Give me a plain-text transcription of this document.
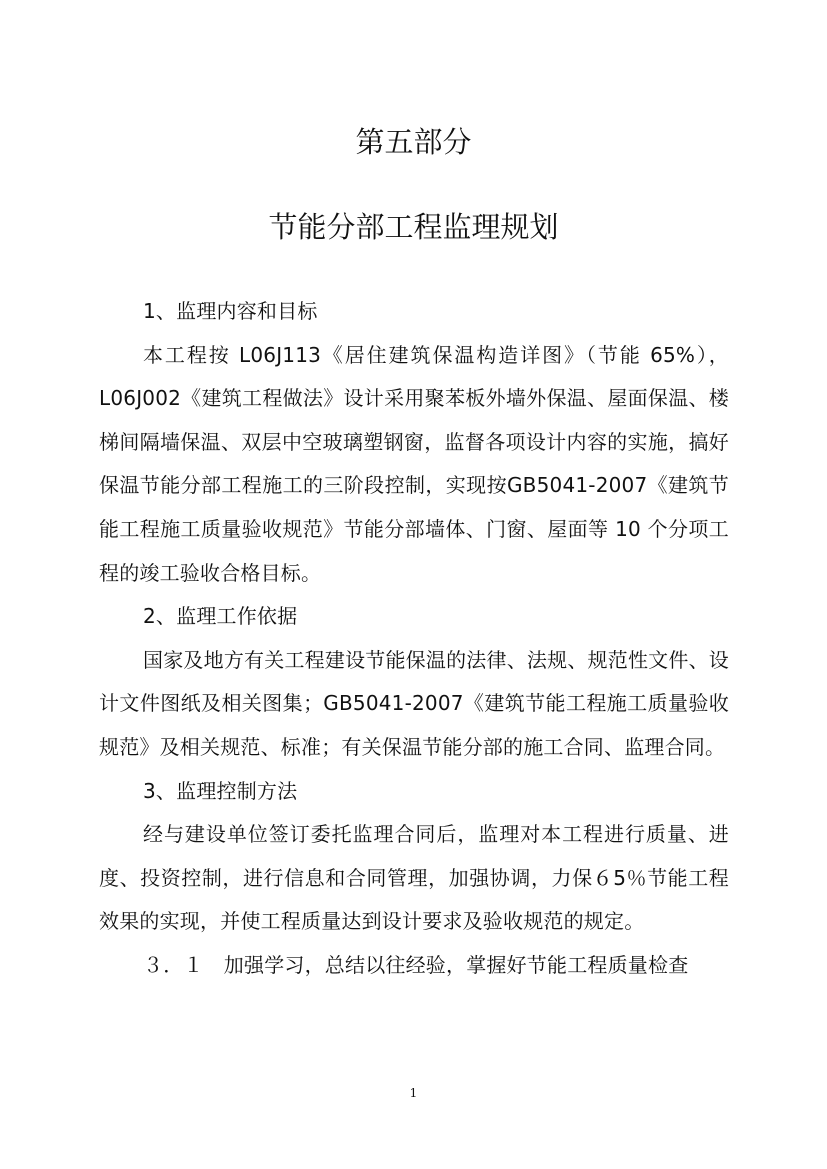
第五部分
节能分部工程监理规划

1、监理内容和目标

本工程按 L06J113《居住建筑保温构造详图》（节能 65%），L06J002《建筑工程做法》设计采用聚苯板外墙外保温、屋面保温、楼梯间隔墙保温、双层中空玻璃塑钢窗，监督各项设计内容的实施，搞好保温节能分部工程施工的三阶段控制，实现按GB5041-2007《建筑节能工程施工质量验收规范》节能分部墙体、门窗、屋面等 10 个分项工程的竣工验收合格目标。

2、监理工作依据

国家及地方有关工程建设节能保温的法律、法规、规范性文件、设计文件图纸及相关图集；GB5041-2007《建筑节能工程施工质量验收规范》及相关规范、标准；有关保温节能分部的施工合同、监理合同。

3、监理控制方法

经与建设单位签订委托监理合同后，监理对本工程进行质量、进度、投资控制，进行信息和合同管理，加强协调，力保６5％节能工程效果的实现，并使工程质量达到设计要求及验收规范的规定。

３．１　加强学习，总结以往经验，掌握好节能工程质量检查

1
